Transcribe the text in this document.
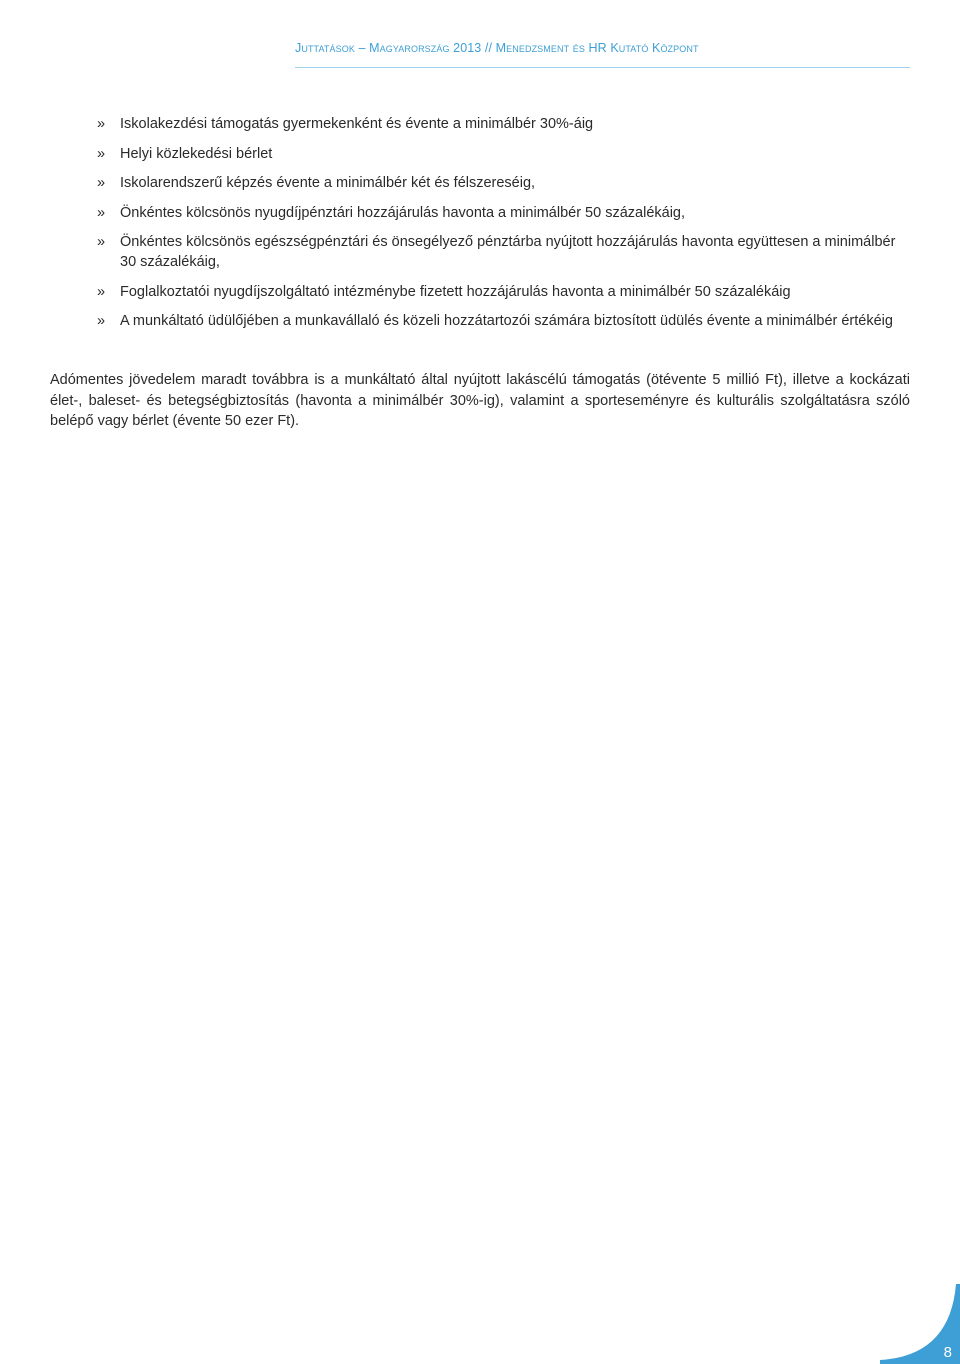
Juttatások – Magyarország 2013 // Menedzsment és HR Kutató Központ
» Iskolakezdési támogatás gyermekenként és évente a minimálbér 30%-áig
» Helyi közlekedési bérlet
» Iskolarendszerű képzés évente a minimálbér két és félszereséig,
» Önkéntes kölcsönös nyugdíjpénztári hozzájárulás havonta a minimálbér 50 százalékáig,
» Önkéntes kölcsönös egészségpénztári és önsegélyező pénztárba nyújtott hozzájárulás havonta együttesen a minimálbér 30 százalékáig,
» Foglalkoztatói nyugdíjszolgáltató intézménybe fizetett hozzájárulás havonta a minimálbér 50 százalékáig
» A munkáltató üdülőjében a munkavállaló és közeli hozzátartozói számára biztosított üdülés évente a minimálbér értékéig

Adómentes jövedelem maradt továbbra is a munkáltató által nyújtott lakáscélú támogatás (ötévente 5 millió Ft), illetve a kockázati élet-, baleset- és betegségbiztosítás (havonta a minimálbér 30%-ig), valamint a sporteseményre és kulturális szolgáltatásra szóló belépő vagy bérlet (évente 50 ezer Ft).

8
